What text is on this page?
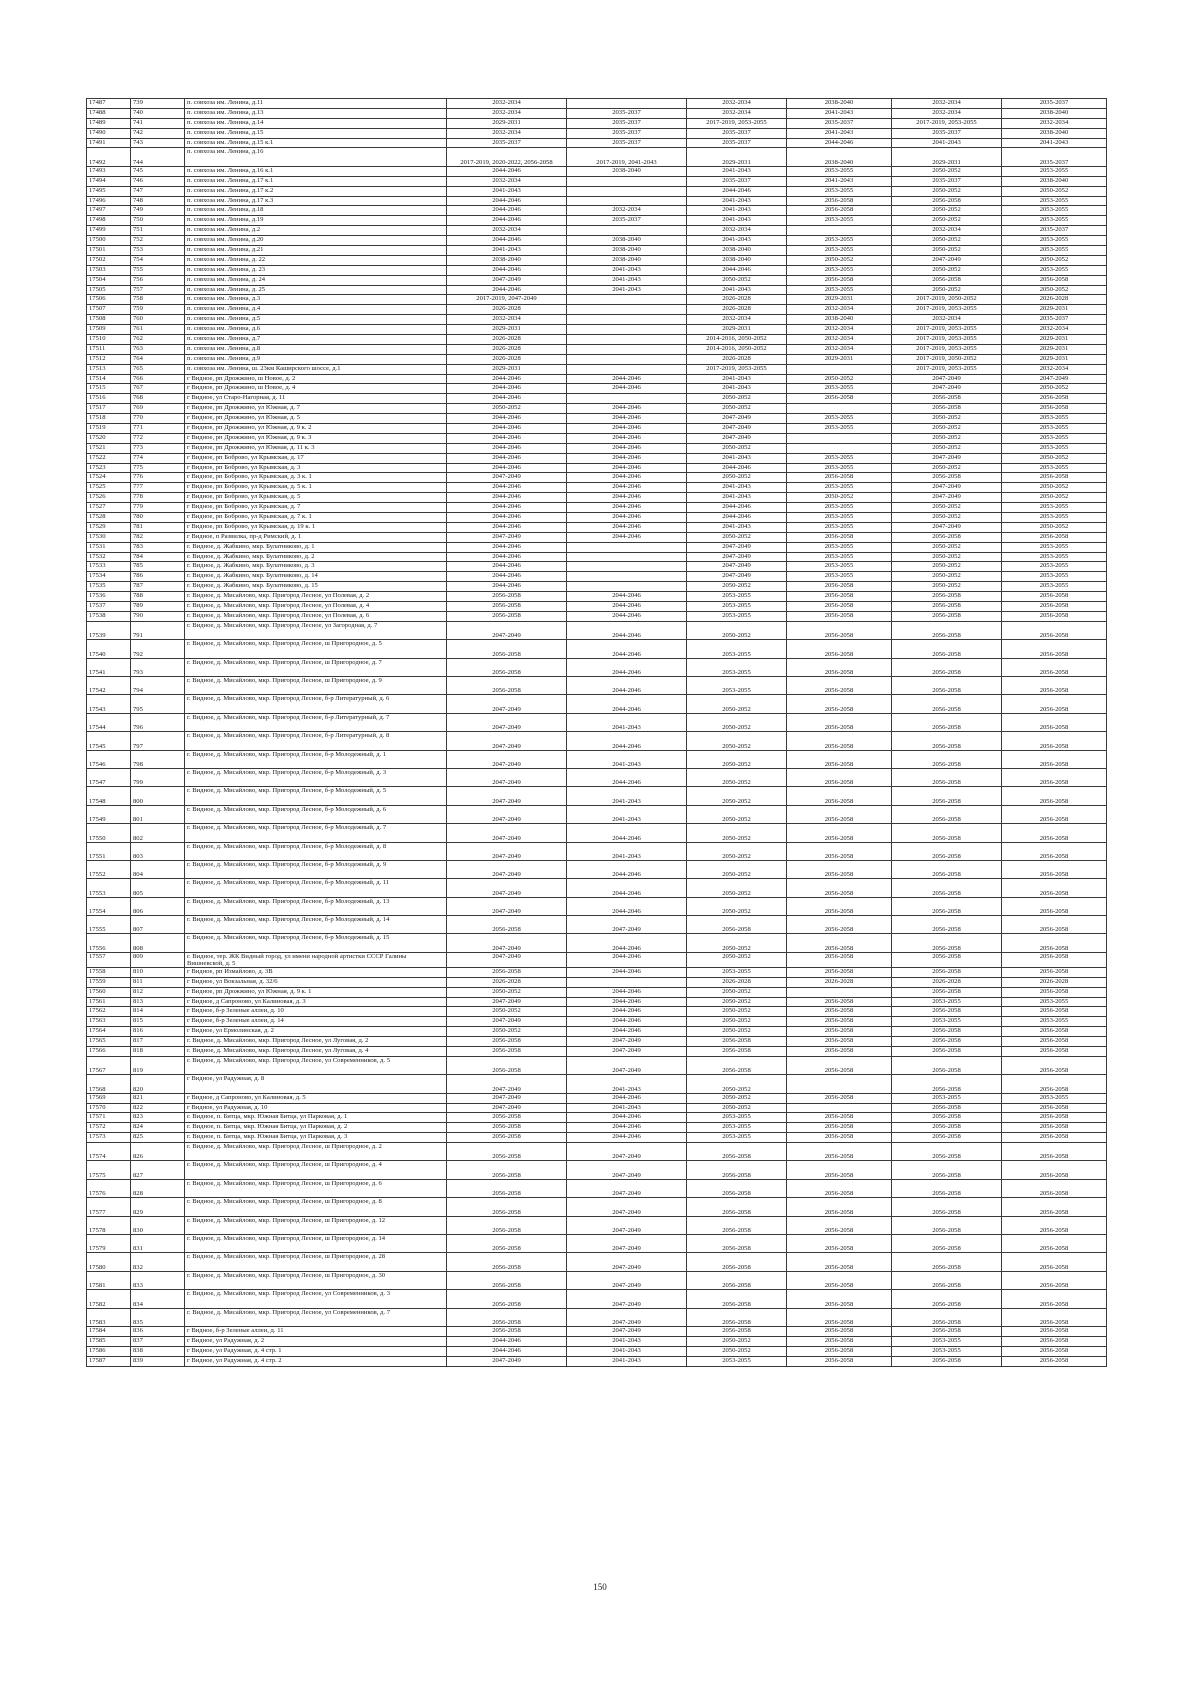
17487	739	п. совхоза им. Ленина, д.11	2032-2034		2032-2034	2038-2040	2032-2034	2035-2037
17488	740	п. совхоза им. Ленина, д.13	2032-2034	2035-2037	2032-2034	2041-2043	2032-2034	2038-2040
17489	741	п. совхоза им. Ленина, д.14	2029-2031	2035-2037	2017-2019, 2053-2055	2035-2037	2017-2019, 2053-2055	2032-2034
17490	742	п. совхоза им. Ленина, д.15	2032-2034	2035-2037	2035-2037	2041-2043	2035-2037	2038-2040
17491	743	п. совхоза им. Ленина, д.15 к.1	2035-2037	2035-2037	2035-2037	2044-2046	2041-2043	2041-2043
17492	744	п. совхоза им. Ленина, д.16	2017-2019, 2020-2022, 2056-2058	2017-2019, 2041-2043	2029-2031	2038-2040	2029-2031	2035-2037
17493	745	п. совхоза им. Ленина, д.16 к.1	2044-2046	2038-2040	2041-2043	2053-2055	2050-2052	2053-2055
17494	746	п. совхоза им. Ленина, д.17 к.1	2032-2034		2035-2037	2041-2043	2035-2037	2038-2040
17495	747	п. совхоза им. Ленина, д.17 к.2	2041-2043		2044-2046	2053-2055	2050-2052	2050-2052
17496	748	п. совхоза им. Ленина, д.17 к.3	2044-2046		2041-2043	2056-2058	2056-2058	2053-2055
17497	749	п. совхоза им. Ленина, д.18	2044-2046	2032-2034	2041-2043	2056-2058	2050-2052	2053-2055
17498	750	п. совхоза им. Ленина, д.19	2044-2046	2035-2037	2041-2043	2053-2055	2050-2052	2053-2055
17499	751	п. совхоза им. Ленина, д.2	2032-2034		2032-2034		2032-2034	2035-2037
17500	752	п. совхоза им. Ленина, д.20	2044-2046	2038-2040	2041-2043	2053-2055	2050-2052	2053-2055
17501	753	п. совхоза им. Ленина, д.21	2041-2043	2038-2040	2038-2040	2053-2055	2050-2052	2053-2055
17502	754	п. совхоза им. Ленина, д. 22	2038-2040	2038-2040	2038-2040	2050-2052	2047-2049	2050-2052
17503	755	п. совхоза им. Ленина, д. 23	2044-2046	2041-2043	2044-2046	2053-2055	2050-2052	2053-2055
17504	756	п. совхоза им. Ленина, д. 24	2047-2049	2041-2043	2050-2052	2056-2058	2056-2058	2056-2058
17505	757	п. совхоза им. Ленина, д. 25	2044-2046	2041-2043	2041-2043	2053-2055	2050-2052	2050-2052
17506	758	п. совхоза им. Ленина, д.3	2017-2019, 2047-2049		2026-2028	2029-2031	2017-2019, 2050-2052	2026-2028
17507	759	п. совхоза им. Ленина, д.4	2026-2028		2026-2028	2032-2034	2017-2019, 2053-2055	2029-2031
17508	760	п. совхоза им. Ленина, д.5	2032-2034		2032-2034	2038-2040	2032-2034	2035-2037
17509	761	п. совхоза им. Ленина, д.6	2029-2031		2029-2031	2032-2034	2017-2019, 2053-2055	2032-2034
17510	762	п. совхоза им. Ленина, д.7	2026-2028		2014-2016, 2050-2052	2032-2034	2017-2019, 2053-2055	2029-2031
17511	763	п. совхоза им. Ленина, д.8	2026-2028		2014-2016, 2050-2052	2032-2034	2017-2019, 2053-2055	2029-2031
17512	764	п. совхоза им. Ленина, д.9	2026-2028		2026-2028	2029-2031	2017-2019, 2050-2052	2029-2031
17513	765	п. совхоза им. Ленина, ш. 23км Каширского шоссе, д.1	2029-2031		2017-2019, 2053-2055		2017-2019, 2053-2055	2032-2034
17514	766	г Видное, рп Дрожжино, ш Новое, д. 2	2044-2046	2044-2046	2041-2043	2050-2052	2047-2049	2047-2049
17515	767	г Видное, рп Дрожжино, ш Новое, д. 4	2044-2046	2044-2046	2041-2043	2053-2055	2047-2049	2050-2052
17516	768	г Видное, ул Старо-Нагорная, д. 11	2044-2046		2050-2052	2056-2058	2056-2058	2056-2058
17517	769	г Видное, рп Дрожжино, ул Южная, д. 7	2050-2052	2044-2046	2050-2052		2056-2058	2056-2058
17518	770	г Видное, рп Дрожжино, ул Южная, д. 5	2044-2046	2044-2046	2047-2049	2053-2055	2050-2052	2053-2055
17519	771	г Видное, рп Дрожжино, ул Южная, д. 9 к. 2	2044-2046	2044-2046	2047-2049	2053-2055	2050-2052	2053-2055
17520	772	г Видное, рп Дрожжино, ул Южная, д. 9 к. 3	2044-2046	2044-2046	2047-2049		2050-2052	2053-2055
17521	773	г Видное, рп Дрожжино, ул Южная, д. 11 к. 3	2044-2046	2044-2046	2050-2052		2050-2052	2053-2055
17522	774	г Видное, рп Боброво, ул Крымская, д. 17	2044-2046	2044-2046	2041-2043	2053-2055	2047-2049	2050-2052
17523	775	г Видное, рп Боброво, ул Крымская, д. 3	2044-2046	2044-2046	2044-2046	2053-2055	2050-2052	2053-2055
17524	776	г Видное, рп Боброво, ул Крымская, д. 3 к. 1	2047-2049	2044-2046	2050-2052	2056-2058	2056-2058	2056-2058
17525	777	г Видное, рп Боброво, ул Крымская, д. 5 к. 1	2044-2046	2044-2046	2041-2043	2053-2055	2047-2049	2050-2052
17526	778	г Видное, рп Боброво, ул Крымская, д. 5	2044-2046	2044-2046	2041-2043	2050-2052	2047-2049	2050-2052
17527	779	г Видное, рп Боброво, ул Крымская, д. 7	2044-2046	2044-2046	2044-2046	2053-2055	2050-2052	2053-2055
17528	780	г Видное, рп Боброво, ул Крымская, д. 7 к. 1	2044-2046	2044-2046	2044-2046	2053-2055	2050-2052	2053-2055
17529	781	г Видное, рп Боброво, ул Крымская, д. 19 к. 1	2044-2046	2044-2046	2041-2043	2053-2055	2047-2049	2050-2052
17530	782	г Видное, п Развилка, пр-д Римский, д. 1	2047-2049	2044-2046	2050-2052	2056-2058	2056-2058	2056-2058
17531	783	г. Видное, д. Жабкино, мкр. Булатниково, д. 1	2044-2046		2047-2049	2053-2055	2050-2052	2053-2055
17532	784	г. Видное, д. Жабкино, мкр. Булатниково, д. 2	2044-2046		2047-2049	2053-2055	2050-2052	2053-2055
17533	785	г. Видное, д. Жабкино, мкр. Булатниково, д. 3	2044-2046		2047-2049	2053-2055	2050-2052	2053-2055
17534	786	г. Видное, д. Жабкино, мкр. Булатниково, д. 14	2044-2046		2047-2049	2053-2055	2050-2052	2053-2055
17535	787	г. Видное, д. Жабкино, мкр. Булатниково, д. 15	2044-2046		2050-2052	2056-2058	2050-2052	2053-2055
17536	788	г. Видное, д. Мисайлово, мкр. Пригород Лесное, ул Полевая, д. 2	2056-2058	2044-2046	2053-2055	2056-2058	2056-2058	2056-2058
17537	789	г. Видное, д. Мисайлово, мкр. Пригород Лесное, ул Полевая, д. 4	2056-2058	2044-2046	2053-2055	2056-2058	2056-2058	2056-2058
17538	790	г. Видное, д. Мисайлово, мкр. Пригород Лесное, ул Полевая, д. 6	2056-2058	2044-2046	2053-2055	2056-2058	2056-2058	2056-2058
17539	791	г. Видное, д. Мисайлово, мкр. Пригород Лесное, ул Загородная, д. 7	2047-2049	2044-2046	2050-2052	2056-2058	2056-2058	2056-2058
17540	792	г. Видное, д. Мисайлово, мкр. Пригород Лесное, ш Пригородное, д. 5	2056-2058	2044-2046	2053-2055	2056-2058	2056-2058	2056-2058
17541	793	г. Видное, д. Мисайлово, мкр. Пригород Лесное, ш Пригородное, д. 7	2056-2058	2044-2046	2053-2055	2056-2058	2056-2058	2056-2058
17542	794	г. Видное, д. Мисайлово, мкр. Пригород Лесное, ш Пригородное, д. 9	2056-2058	2044-2046	2053-2055	2056-2058	2056-2058	2056-2058
17543	795	г. Видное, д. Мисайлово, мкр. Пригород Лесное, б-р Литературный, д. 6	2047-2049	2044-2046	2050-2052	2056-2058	2056-2058	2056-2058
17544	796	г. Видное, д. Мисайлово, мкр. Пригород Лесное, б-р Литературный, д. 7	2047-2049	2041-2043	2050-2052	2056-2058	2056-2058	2056-2058
17545	797	г. Видное, д. Мисайлово, мкр. Пригород Лесное, б-р Литературный, д. 8	2047-2049	2044-2046	2050-2052	2056-2058	2056-2058	2056-2058
17546	798	г. Видное, д. Мисайлово, мкр. Пригород Лесное, б-р Молодежный, д. 1	2047-2049	2041-2043	2050-2052	2056-2058	2056-2058	2056-2058
17547	799	г. Видное, д. Мисайлово, мкр. Пригород Лесное, б-р Молодежный, д. 3	2047-2049	2044-2046	2050-2052	2056-2058	2056-2058	2056-2058
17548	800	г. Видное, д. Мисайлово, мкр. Пригород Лесное, б-р Молодежный, д. 5	2047-2049	2041-2043	2050-2052	2056-2058	2056-2058	2056-2058
17549	801	г. Видное, д. Мисайлово, мкр. Пригород Лесное, б-р Молодежный, д. 6	2047-2049	2041-2043	2050-2052	2056-2058	2056-2058	2056-2058
17550	802	г. Видное, д. Мисайлово, мкр. Пригород Лесное, б-р Молодежный, д. 7	2047-2049	2044-2046	2050-2052	2056-2058	2056-2058	2056-2058
17551	803	г. Видное, д. Мисайлово, мкр. Пригород Лесное, б-р Молодежный, д. 8	2047-2049	2041-2043	2050-2052	2056-2058	2056-2058	2056-2058
17552	804	г. Видное, д. Мисайлово, мкр. Пригород Лесное, б-р Молодежный, д. 9	2047-2049	2044-2046	2050-2052	2056-2058	2056-2058	2056-2058
17553	805	г. Видное, д. Мисайлово, мкр. Пригород Лесное, б-р Молодежный, д. 11	2047-2049	2044-2046	2050-2052	2056-2058	2056-2058	2056-2058
17554	806	г. Видное, д. Мисайлово, мкр. Пригород Лесное, б-р Молодежный, д. 13	2047-2049	2044-2046	2050-2052	2056-2058	2056-2058	2056-2058
17555	807	г. Видное, д. Мисайлово, мкр. Пригород Лесное, б-р Молодежный, д. 14	2056-2058	2047-2049	2056-2058	2056-2058	2056-2058	2056-2058
17556	808	г. Видное, д. Мисайлово, мкр. Пригород Лесное, б-р Молодежный, д. 15	2047-2049	2044-2046	2050-2052	2056-2058	2056-2058	2056-2058
17557	809	г. Видное, тер. ЖК Видный город, ул имени народной артистки СССР Галины Вишневской, д. 5	2047-2049	2044-2046	2050-2052	2056-2058	2056-2058	2056-2058
17558	810	г Видное, рп Измайлово, д. 3В	2056-2058	2044-2046	2053-2055	2056-2058	2056-2058	2056-2058
17559	811	г Видное, ул Вокзальная, д. 32/6	2026-2028		2026-2028	2026-2028	2026-2028	2026-2028
17560	812	г Видное, рп Дрожжино, ул Южная, д. 9 к. 1	2050-2052	2044-2046	2050-2052		2056-2058	2056-2058
17561	813	г Видное, д Сапроново, ул Калиновая, д. 3	2047-2049	2044-2046	2050-2052	2056-2058	2053-2055	2053-2055
17562	814	г Видное, б-р Зеленые аллеи, д. 10	2050-2052	2044-2046	2050-2052	2056-2058	2056-2058	2056-2058
17563	815	г Видное, б-р Зеленые аллеи, д. 14	2047-2049	2044-2046	2050-2052	2056-2058	2053-2055	2053-2055
17564	816	г Видное, ул Ермолинская, д. 2	2050-2052	2044-2046	2050-2052	2056-2058	2056-2058	2056-2058
17565	817	г. Видное, д. Мисайлово, мкр. Пригород Лесное, ул Луговая, д. 2	2056-2058	2047-2049	2056-2058	2056-2058	2056-2058	2056-2058
17566	818	г. Видное, д. Мисайлово, мкр. Пригород Лесное, ул Луговая, д. 4	2056-2058	2047-2049	2056-2058	2056-2058	2056-2058	2056-2058
17567	819	г. Видное, д. Мисайлово, мкр. Пригород Лесное, ул Современников, д. 5	2056-2058	2047-2049	2056-2058	2056-2058	2056-2058	2056-2058
17568	820	г Видное, ул Радужная, д. 8	2047-2049	2041-2043	2050-2052		2056-2058	2056-2058
17569	821	г Видное, д Сапроново, ул Калиновая, д. 5	2047-2049	2044-2046	2050-2052	2056-2058	2053-2055	2053-2055
17570	822	г Видное, ул Радужная, д. 10	2047-2049	2041-2043	2050-2052		2056-2058	2056-2058
17571	823	г. Видное, п. Битца, мкр. Южная Битца, ул Парковая, д. 1	2056-2058	2044-2046	2053-2055	2056-2058	2056-2058	2056-2058
17572	824	г. Видное, п. Битца, мкр. Южная Битца, ул Парковая, д. 2	2056-2058	2044-2046	2053-2055	2056-2058	2056-2058	2056-2058
17573	825	г. Видное, п. Битца, мкр. Южная Битца, ул Парковая, д. 3	2056-2058	2044-2046	2053-2055	2056-2058	2056-2058	2056-2058
17574	826	г. Видное, д. Мисайлово, мкр. Пригород Лесное, ш Пригородное, д. 2	2056-2058	2047-2049	2056-2058	2056-2058	2056-2058	2056-2058
17575	827	г. Видное, д. Мисайлово, мкр. Пригород Лесное, ш Пригородное, д. 4	2056-2058	2047-2049	2056-2058	2056-2058	2056-2058	2056-2058
17576	828	г. Видное, д. Мисайлово, мкр. Пригород Лесное, ш Пригородное, д. 6	2056-2058	2047-2049	2056-2058	2056-2058	2056-2058	2056-2058
17577	829	г. Видное, д. Мисайлово, мкр. Пригород Лесное, ш Пригородное, д. 8	2056-2058	2047-2049	2056-2058	2056-2058	2056-2058	2056-2058
17578	830	г. Видное, д. Мисайлово, мкр. Пригород Лесное, ш Пригородное, д. 12	2056-2058	2047-2049	2056-2058	2056-2058	2056-2058	2056-2058
17579	831	г. Видное, д. Мисайлово, мкр. Пригород Лесное, ш Пригородное, д. 14	2056-2058	2047-2049	2056-2058	2056-2058	2056-2058	2056-2058
17580	832	г. Видное, д. Мисайлово, мкр. Пригород Лесное, ш Пригородное, д. 28	2056-2058	2047-2049	2056-2058	2056-2058	2056-2058	2056-2058
17581	833	г. Видное, д. Мисайлово, мкр. Пригород Лесное, ш Пригородное, д. 30	2056-2058	2047-2049	2056-2058	2056-2058	2056-2058	2056-2058
17582	834	г. Видное, д. Мисайлово, мкр. Пригород Лесное, ул Современников, д. 3	2056-2058	2047-2049	2056-2058	2056-2058	2056-2058	2056-2058
17583	835	г. Видное, д. Мисайлово, мкр. Пригород Лесное, ул Современников, д. 7	2056-2058	2047-2049	2056-2058	2056-2058	2056-2058	2056-2058
17584	836	г Видное, б-р Зеленые аллеи, д. 11	2056-2058	2047-2049	2056-2058	2056-2058	2056-2058	2056-2058
17585	837	г Видное, ул Радужная, д. 2	2044-2046	2041-2043	2050-2052	2056-2058	2053-2055	2056-2058
17586	838	г Видное, ул Радужная, д. 4 стр. 1	2044-2046	2041-2043	2050-2052	2056-2058	2053-2055	2056-2058
17587	839	г Видное, ул Радужная, д. 4 стр. 2	2047-2049	2041-2043	2053-2055	2056-2058	2056-2058	2056-2058
150
